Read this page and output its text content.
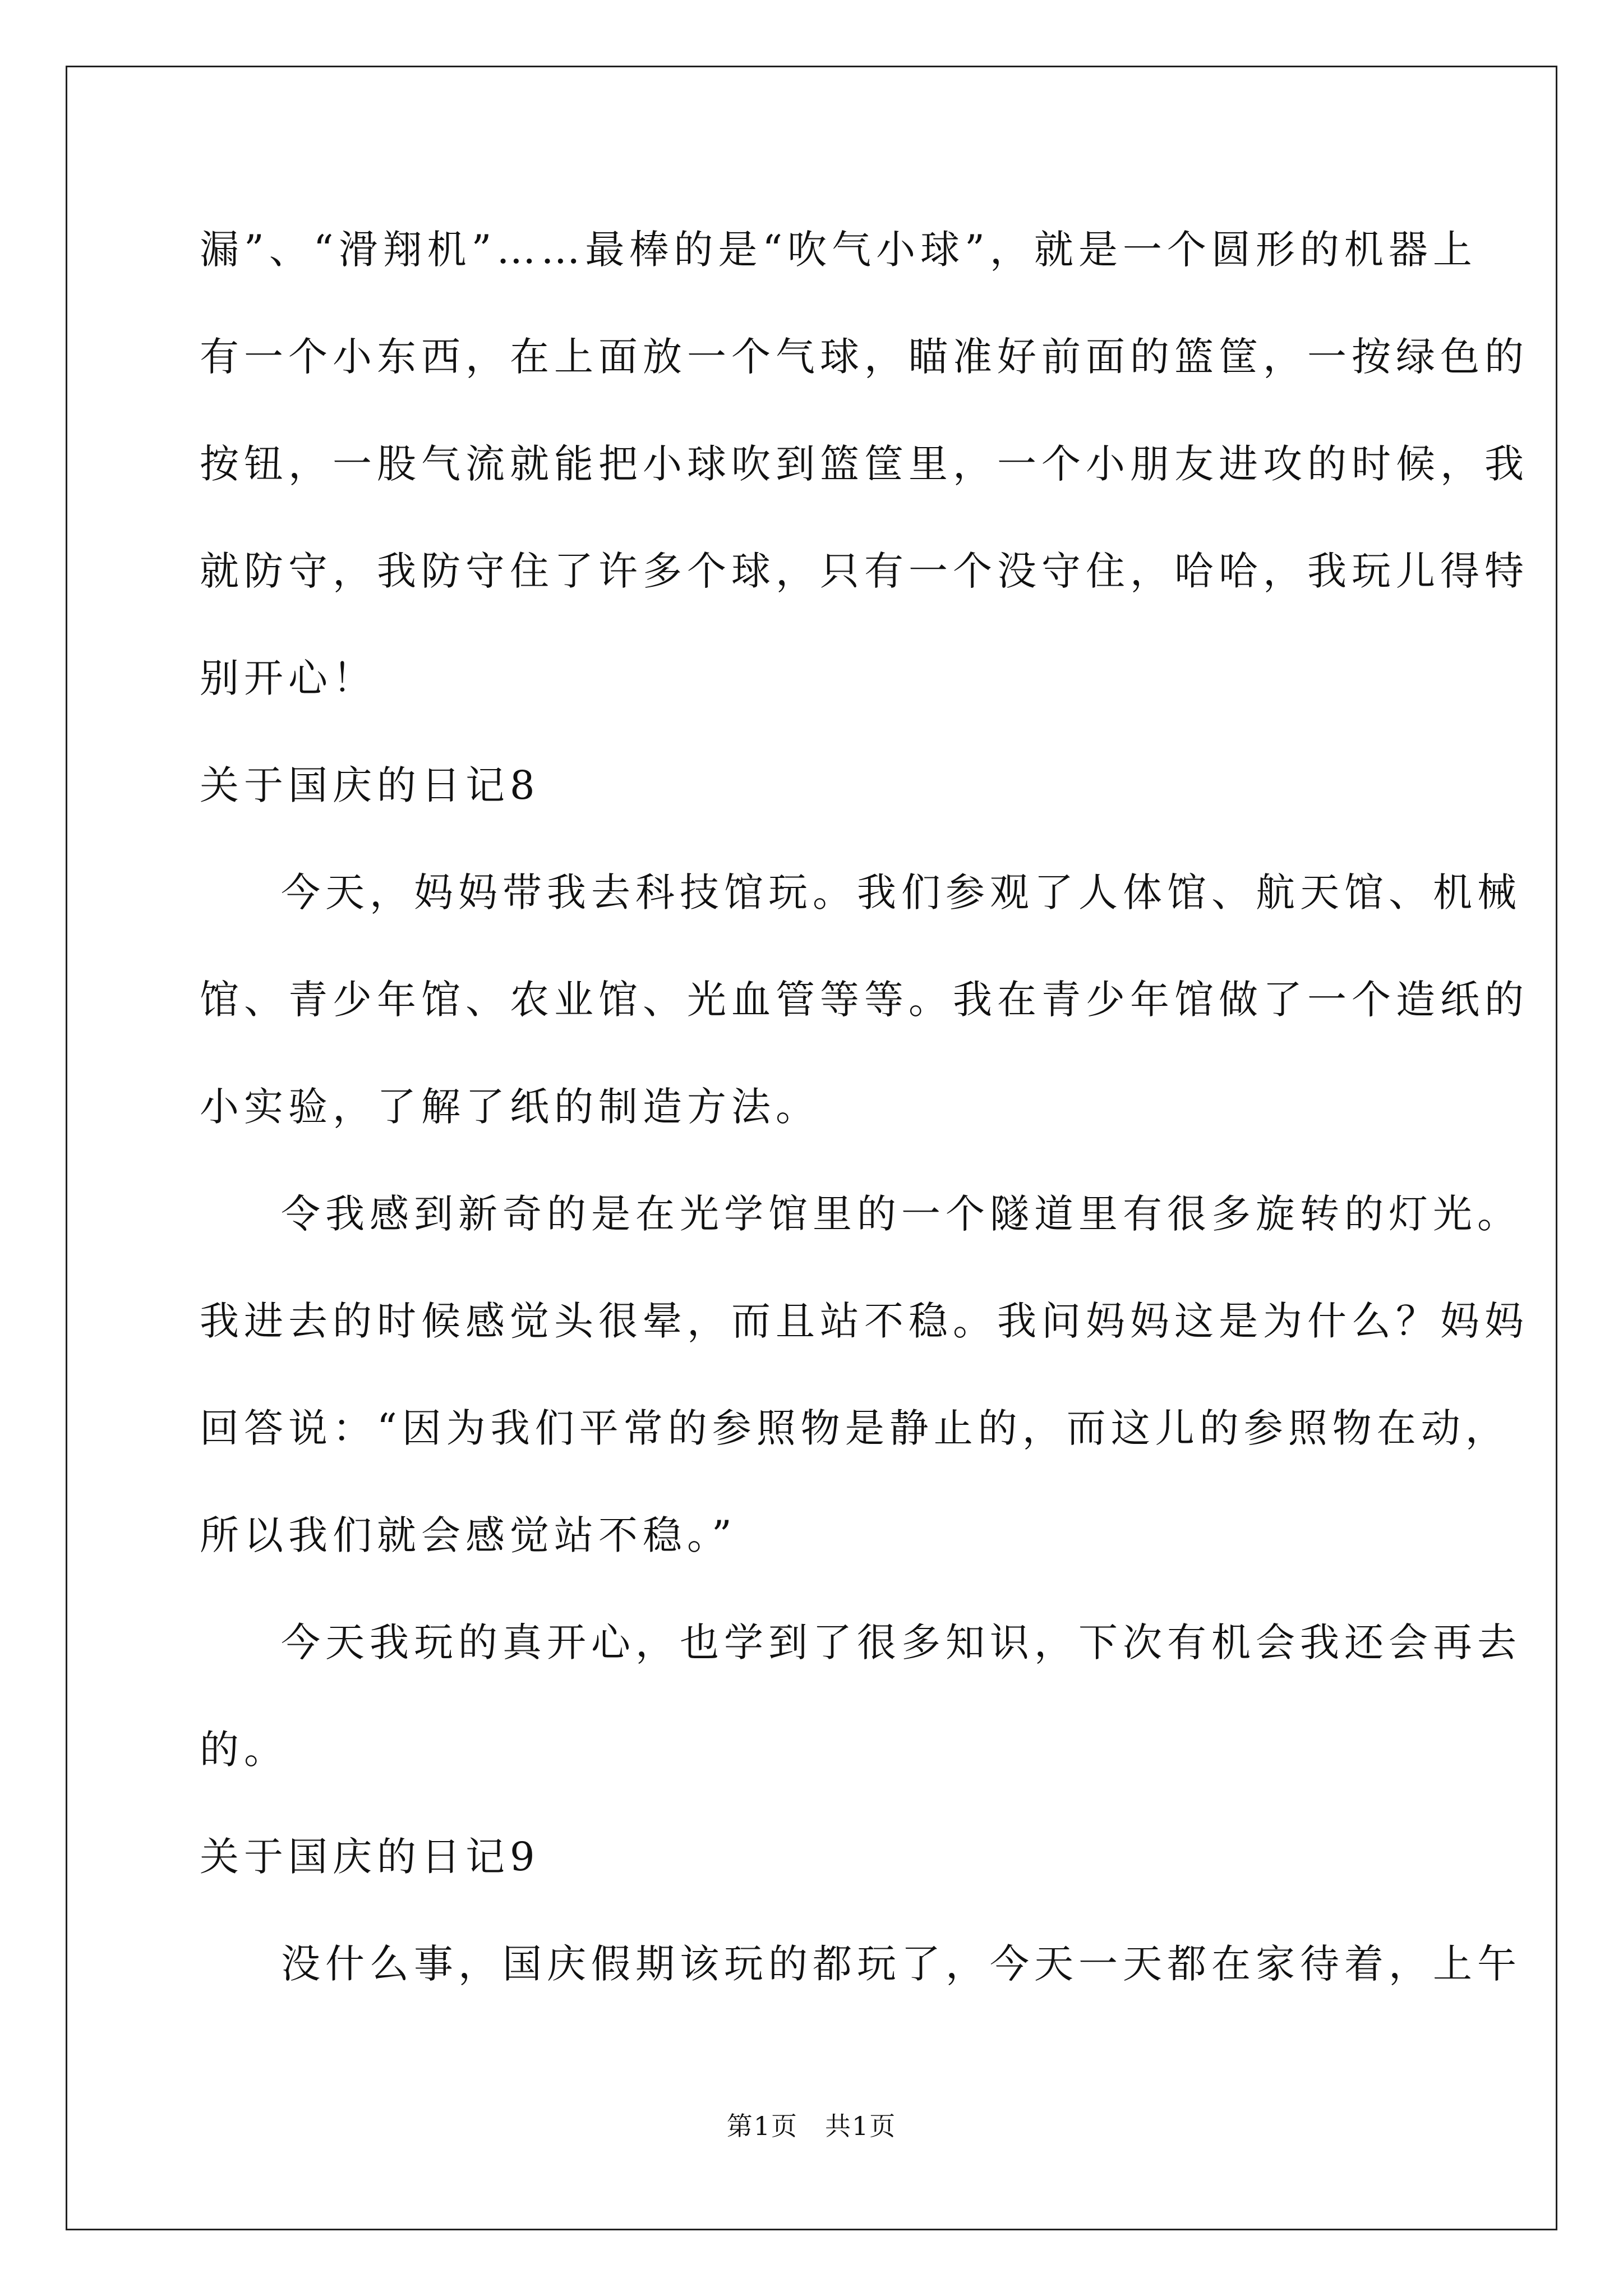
漏”、“滑翔机”……最棒的是“吹气小球”，就是一个圆形的机器上
有一个小东西，在上面放一个气球，瞄准好前面的篮筐，一按绿色的
按钮，一股气流就能把小球吹到篮筐里，一个小朋友进攻的时候，我
就防守，我防守住了许多个球，只有一个没守住，哈哈，我玩儿得特
别开心！
关于国庆的日记8
今天，妈妈带我去科技馆玩。我们参观了人体馆、航天馆、机械
馆、青少年馆、农业馆、光血管等等。我在青少年馆做了一个造纸的
小实验，了解了纸的制造方法。
令我感到新奇的是在光学馆里的一个隧道里有很多旋转的灯光。
我进去的时候感觉头很晕，而且站不稳。我问妈妈这是为什么？妈妈
回答说：“因为我们平常的参照物是静止的，而这儿的参照物在动，
所以我们就会感觉站不稳。”
今天我玩的真开心，也学到了很多知识，下次有机会我还会再去
的。
关于国庆的日记9
没什么事，国庆假期该玩的都玩了，今天一天都在家待着，上午
第1页　共1页
